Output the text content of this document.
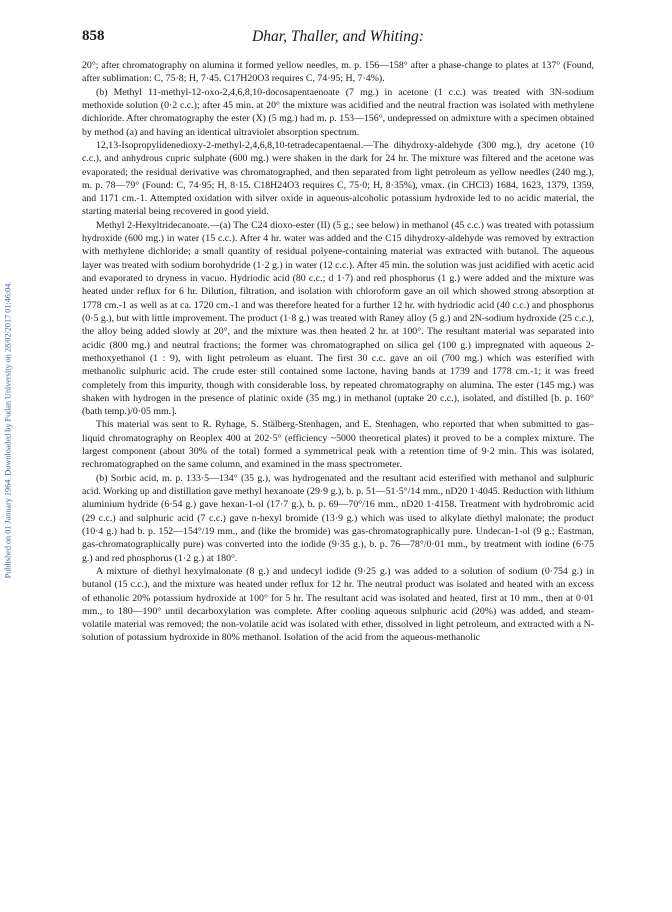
Published on 01 January 1964. Downloaded by Fudan University on 28/02/2017 01:46:04.
858	Dhar, Thaller, and Whiting:

20°; after chromatography on alumina it formed yellow needles, m. p. 156—158° after a phase-change to plates at 137° (Found, after sublimation: C, 75·8; H, 7·45. C17H20O3 requires C, 74·95; H, 7·4%).

(b) Methyl 11-methyl-12-oxo-2,4,6,8,10-docosapentaenoate (7 mg.) in acetone (1 c.c.) was treated with 3N-sodium methoxide solution (0·2 c.c.); after 45 min. at 20° the mixture was acidified and the neutral fraction was isolated with methylene dichloride. After chromatography the ester (X) (5 mg.) had m. p. 153—156°, undepressed on admixture with a specimen obtained by method (a) and having an identical ultraviolet absorption spectrum.

12,13-Isopropylidenedioxy-2-methyl-2,4,6,8,10-tetradecapentaenal.—The dihydroxy-aldehyde (300 mg.), dry acetone (10 c.c.), and anhydrous cupric sulphate (600 mg.) were shaken in the dark for 24 hr. The mixture was filtered and the acetone was evaporated; the residual derivative was chromatographed, and then separated from light petroleum as yellow needles (240 mg.), m. p. 78—79° (Found: C, 74·95; H, 8·15. C18H24O3 requires C, 75·0; H, 8·35%), νmax. (in CHCl3) 1684, 1623, 1379, 1359, and 1171 cm.-1. Attempted oxidation with silver oxide in aqueous-alcoholic potassium hydroxide led to no acidic material, the starting material being recovered in good yield.

Methyl 2-Hexyltridecanoate.—(a) The C24 dioxo-ester (II) (5 g.; see below) in methanol (45 c.c.) was treated with potassium hydroxide (600 mg.) in water (15 c.c.). After 4 hr. water was added and the C15 dihydroxy-aldehyde was removed by extraction with methylene dichloride; a small quantity of residual polyene-containing material was extracted with butanol. The aqueous layer was treated with sodium borohydride (1·2 g.) in water (12 c.c.). After 45 min. the solution was just acidified with acetic acid and evaporated to dryness in vacuo. Hydriodic acid (80 c.c.; d 1·7) and red phosphorus (1 g.) were added and the mixture was heated under reflux for 6 hr. Dilution, filtration, and isolation with chloroform gave an oil which showed strong absorption at 1778 cm.-1 as well as at ca. 1720 cm.-1 and was therefore heated for a further 12 hr. with hydriodic acid (40 c.c.) and phosphorus (0·5 g.), but with little improvement. The product (1·8 g.) was treated with Raney alloy (5 g.) and 2N-sodium hydroxide (25 c.c.), the alloy being added slowly at 20°, and the mixture was then heated 2 hr. at 100°. The resultant material was separated into acidic (800 mg.) and neutral fractions; the former was chromatographed on silica gel (100 g.) impregnated with aqueous 2-methoxyethanol (1 : 9), with light petroleum as eluant. The first 30 c.c. gave an oil (700 mg.) which was esterified with methanolic sulphuric acid. The crude ester still contained some lactone, having bands at 1739 and 1778 cm.-1; it was freed completely from this impurity, though with considerable loss, by repeated chromatography on alumina. The ester (145 mg.) was shaken with hydrogen in the presence of platinic oxide (35 mg.) in methanol (uptake 20 c.c.), isolated, and distilled [b. p. 160° (bath temp.)/0·05 mm.].

This material was sent to R. Ryhage, S. Stälberg-Stenhagen, and E. Stenhagen, who reported that when submitted to gas–liquid chromatography on Reoplex 400 at 202·5° (efficiency ~5000 theoretical plates) it proved to be a complex mixture. The largest component (about 30% of the total) formed a symmetrical peak with a retention time of 9·2 min. This was isolated, rechromatographed on the same column, and examined in the mass spectrometer.

(b) Sorbic acid, m. p. 133·5—134° (35 g.), was hydrogenated and the resultant acid esterified with methanol and sulphuric acid. Working up and distillation gave methyl hexanoate (29·9 g.), b. p. 51—51·5°/14 mm., nD20 1·4045. Reduction with lithium aluminium hydride (6·54 g.) gave hexan-1-ol (17·7 g.), b. p. 69—70°/16 mm., nD20 1·4158. Treatment with hydrobromic acid (29 c.c.) and sulphuric acid (7 c.c.) gave n-hexyl bromide (13·9 g.) which was used to alkylate diethyl malonate; the product (10·4 g.) had b. p. 152—154°/19 mm., and (like the bromide) was gas-chromatographically pure. Undecan-1-ol (9 g.; Eastman, gas-chromatographically pure) was converted into the iodide (9·35 g.), b. p. 76—78°/0·01 mm., by treatment with iodine (6·75 g.) and red phosphorus (1·2 g.) at 180°.

A mixture of diethyl hexylmalonate (8 g.) and undecyl iodide (9·25 g.) was added to a solution of sodium (0·754 g.) in butanol (15 c.c.), and the mixture was heated under reflux for 12 hr. The neutral product was isolated and heated with an excess of ethanolic 20% potassium hydroxide at 100° for 5 hr. The resultant acid was isolated and heated, first at 10 mm., then at 0·01 mm., to 180—190° until decarboxylation was complete. After cooling aqueous sulphuric acid (20%) was added, and steam-volatile material was removed; the non-volatile acid was isolated with ether, dissolved in light petroleum, and extracted with a N-solution of potassium hydroxide in 80% methanol. Isolation of the acid from the aqueous-methanolic
